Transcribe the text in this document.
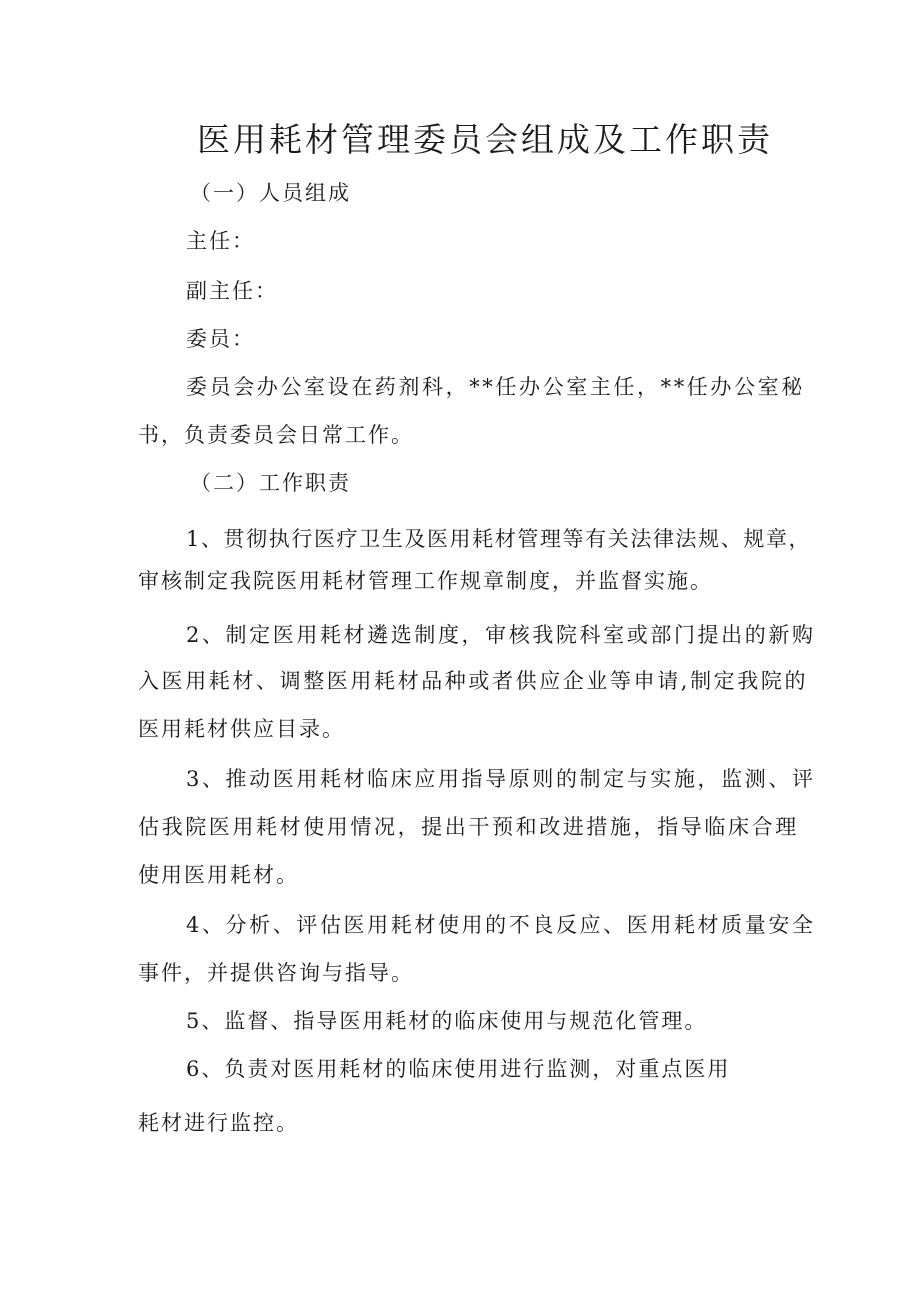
医用耗材管理委员会组成及工作职责
（一）人员组成
主任：
副主任：
委员：
委员会办公室设在药剂科，**任办公室主任，**任办公室秘
书，负责委员会日常工作。
（二）工作职责
1、贯彻执行医疗卫生及医用耗材管理等有关法律法规、规章，
审核制定我院医用耗材管理工作规章制度，并监督实施。
2、制定医用耗材遴选制度，审核我院科室或部门提出的新购
入医用耗材、调整医用耗材品种或者供应企业等申请,制定我院的
医用耗材供应目录。
3、推动医用耗材临床应用指导原则的制定与实施，监测、评
估我院医用耗材使用情况，提出干预和改进措施，指导临床合理
使用医用耗材。
4、分析、评估医用耗材使用的不良反应、医用耗材质量安全
事件，并提供咨询与指导。
5、监督、指导医用耗材的临床使用与规范化管理。
6、负责对医用耗材的临床使用进行监测，对重点医用
耗材进行监控。
